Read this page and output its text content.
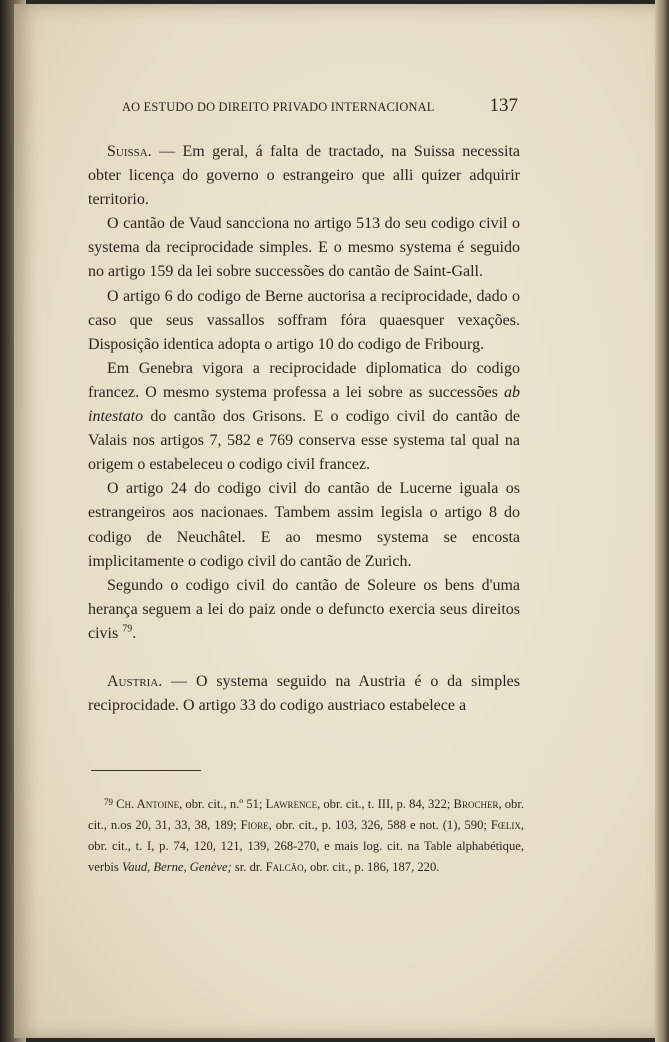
AO ESTUDO DO DIREITO PRIVADO INTERNACIONAL	137

Suissa. — Em geral, á falta de tractado, na Suissa necessita obter licença do governo o estrangeiro que alli quizer adquirir territorio.

O cantão de Vaud sancciona no artigo 513 do seu codigo civil o systema da reciprocidade simples. E o mesmo systema é seguido no artigo 159 da lei sobre successões do cantão de Saint-Gall.

O artigo 6 do codigo de Berne auctorisa a reciprocidade, dado o caso que seus vassallos soffram fóra quaesquer vexações. Disposição identica adopta o artigo 10 do codigo de Fribourg.

Em Genebra vigora a reciprocidade diplomatica do codigo francez. O mesmo systema professa a lei sobre as successões ab intestato do cantão dos Grisons. E o codigo civil do cantão de Valais nos artigos 7, 582 e 769 conserva esse systema tal qual na origem o estabeleceu o codigo civil francez.

O artigo 24 do codigo civil do cantão de Lucerne iguala os estrangeiros aos nacionaes. Tambem assim legisla o artigo 8 do codigo de Neuchâtel. E ao mesmo systema se encosta implicitamente o codigo civil do cantão de Zurich.

Segundo o codigo civil do cantão de Soleure os bens d'uma herança seguem a lei do paiz onde o defuncto exercia seus direitos civis $^{79}$.

Austria. — O systema seguido na Austria é o da simples reciprocidade. O artigo 33 do codigo austriaco estabelece a

$^{79}$ Ch. Antoine, obr. cit., n.º 51; Lawrence, obr. cit., t. III, p. 84, 322; Brocher, obr. cit., n.os 20, 31, 33, 38, 189; Fiore, obr. cit., p. 103, 326, 588 e not. (1), 590; Fœlix, obr. cit., t. I, p. 74, 120, 121, 139, 268-270, e mais log. cit. na Table alphabétique, verbis Vaud, Berne, Genève; sr. dr. Falcão, obr. cit., p. 186, 187, 220.
